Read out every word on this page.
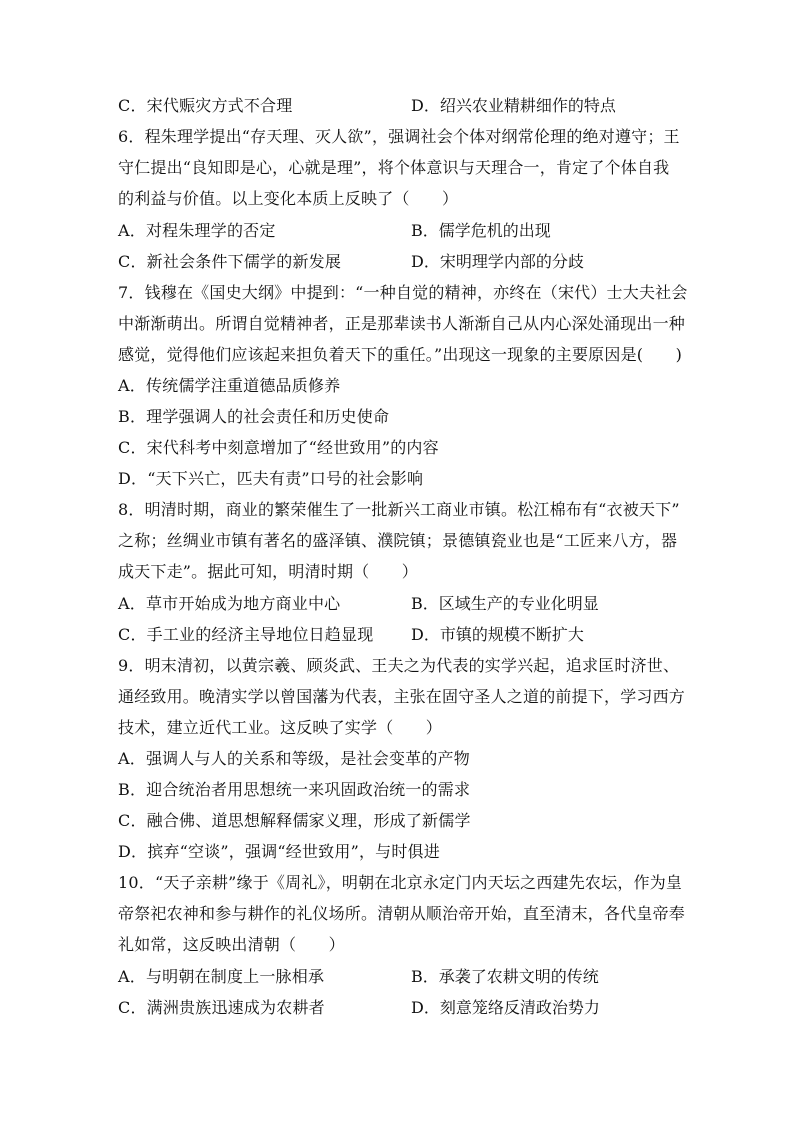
C．宋代赈灾方式不合理	D．绍兴农业精耕细作的特点
6．程朱理学提出“存天理、灭人欲”，强调社会个体对纲常伦理的绝对遵守；王
守仁提出“良知即是心，心就是理”，将个体意识与天理合一，肯定了个体自我
的利益与价值。以上变化本质上反映了（　　）
A．对程朱理学的否定	B．儒学危机的出现
C．新社会条件下儒学的新发展	D．宋明理学内部的分歧
7．钱穆在《国史大纲》中提到：“一种自觉的精神，亦终在（宋代）士大夫社会
中渐渐萌出。所谓自觉精神者，正是那辈读书人渐渐自己从内心深处涌现出一种
感觉，觉得他们应该起来担负着天下的重任。”出现这一现象的主要原因是(　　)
A．传统儒学注重道德品质修养
B．理学强调人的社会责任和历史使命
C．宋代科考中刻意增加了“经世致用”的内容
D．“天下兴亡，匹夫有责”口号的社会影响
8．明清时期，商业的繁荣催生了一批新兴工商业市镇。松江棉布有“衣被天下”
之称；丝绸业市镇有著名的盛泽镇、濮院镇；景德镇瓷业也是“工匠来八方，器
成天下走”。据此可知，明清时期（　　）
A．草市开始成为地方商业中心	B．区域生产的专业化明显
C．手工业的经济主导地位日趋显现 D．市镇的规模不断扩大
9．明末清初，以黄宗羲、顾炎武、王夫之为代表的实学兴起，追求匡时济世、
通经致用。晚清实学以曾国藩为代表，主张在固守圣人之道的前提下，学习西方
技术，建立近代工业。这反映了实学（　　）
A．强调人与人的关系和等级，是社会变革的产物
B．迎合统治者用思想统一来巩固政治统一的需求
C．融合佛、道思想解释儒家义理，形成了新儒学
D．摈弃“空谈”，强调“经世致用”，与时俱进
10．“天子亲耕”缘于《周礼》，明朝在北京永定门内天坛之西建先农坛，作为皇
帝祭祀农神和参与耕作的礼仪场所。清朝从顺治帝开始，直至清末，各代皇帝奉
礼如常，这反映出清朝（　　）
A．与明朝在制度上一脉相承	B．承袭了农耕文明的传统
C．满洲贵族迅速成为农耕者	D．刻意笼络反清政治势力
